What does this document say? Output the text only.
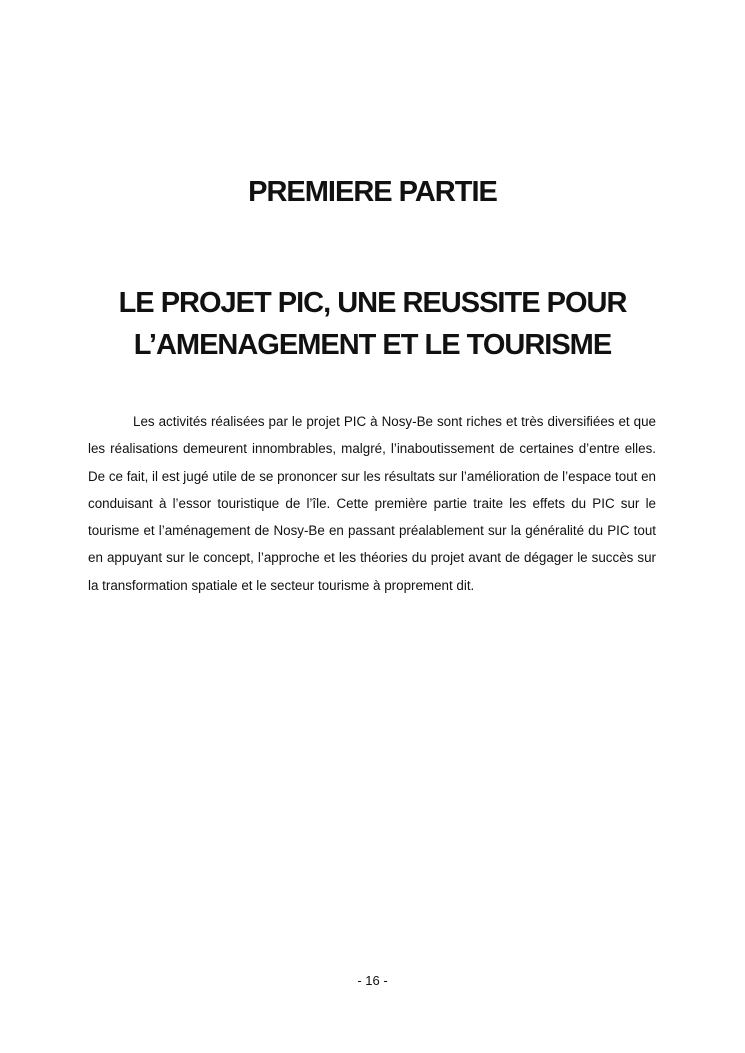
PREMIERE PARTIE
LE PROJET PIC, UNE REUSSITE POUR
L’AMENAGEMENT ET LE TOURISME

Les activités réalisées par le projet PIC à Nosy-Be sont riches et très diversifiées et que les réalisations demeurent innombrables, malgré, l’inaboutissement de certaines d’entre elles. De ce fait, il est jugé utile de se prononcer sur les résultats sur l’amélioration de l’espace tout en conduisant à l’essor touristique de l’île. Cette première partie traite les effets du PIC sur le tourisme et l’aménagement de Nosy-Be en passant préalablement sur la généralité du PIC tout en appuyant sur le concept, l’approche et les théories du projet avant de dégager le succès sur la transformation spatiale et le secteur tourisme à proprement dit.

- 16 -
